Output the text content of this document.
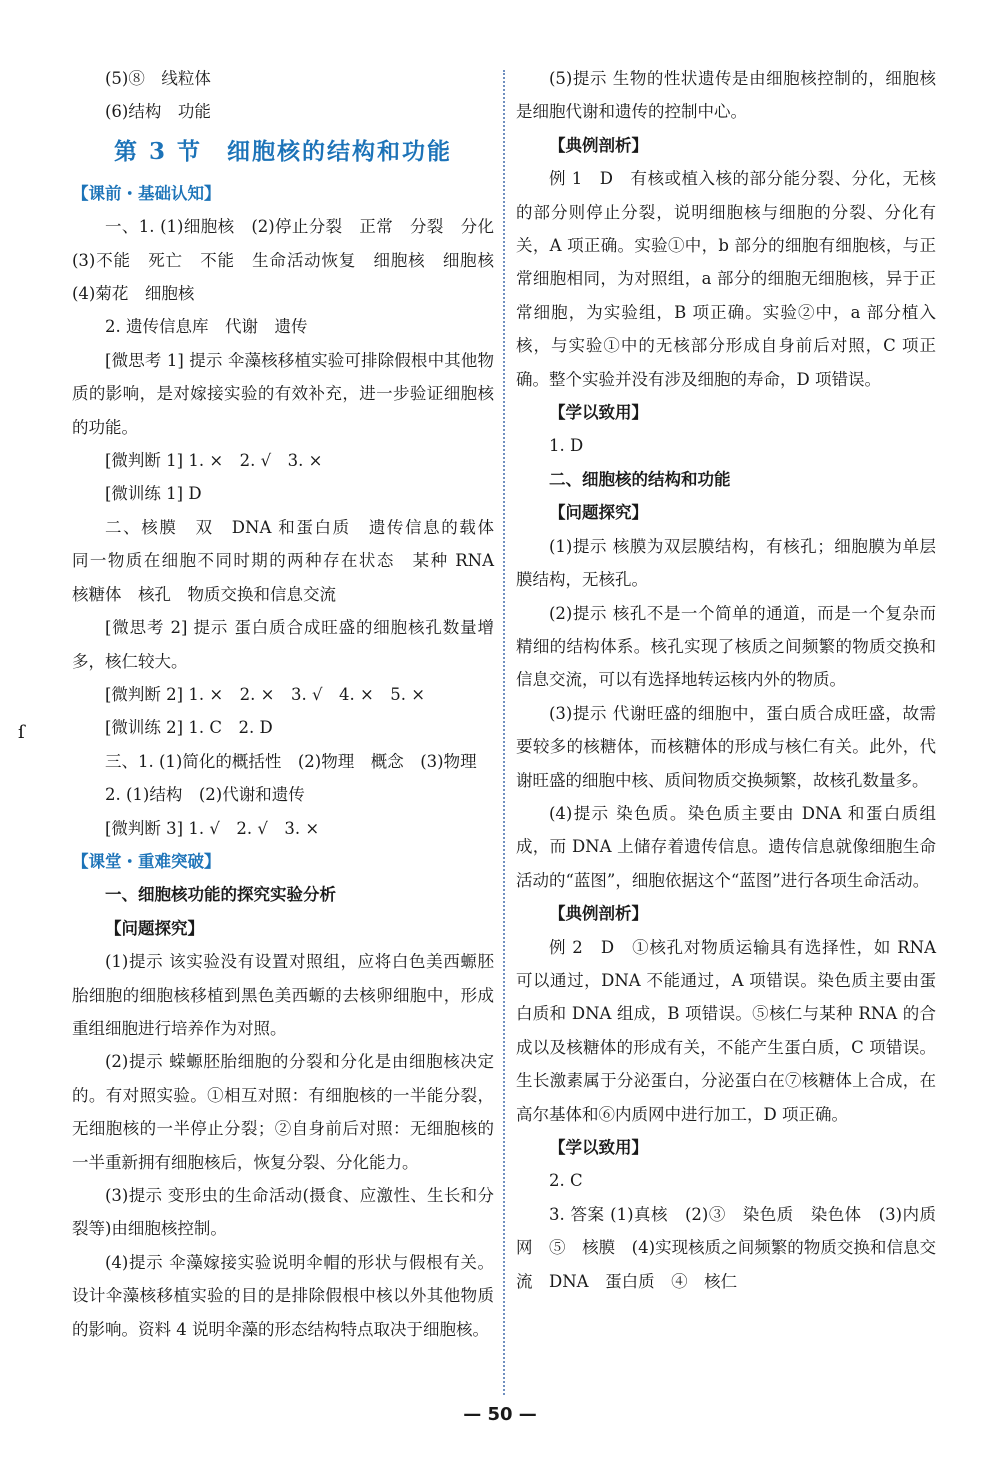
(5)⑧　线粒体

(6)结构　功能

第 3 节　细胞核的结构和功能

【课前・基础认知】

一、1. (1)细胞核　(2)停止分裂　正常　分裂　分化　(3)不能　死亡　不能　生命活动恢复　细胞核　细胞核　(4)菊花　细胞核

2. 遗传信息库　代谢　遗传

[微思考 1] 提示 伞藻核移植实验可排除假根中其他物质的影响，是对嫁接实验的有效补充，进一步验证细胞核的功能。

[微判断 1] 1. ×　2. √　3. ×

[微训练 1] D

二、核膜　双　DNA 和蛋白质　遗传信息的载体　同一物质在细胞不同时期的两种存在状态　某种 RNA　核糖体　核孔　物质交换和信息交流

[微思考 2] 提示 蛋白质合成旺盛的细胞核孔数量增多，核仁较大。

[微判断 2] 1. ×　2. ×　3. √　4. ×　5. ×

[微训练 2] 1. C　2. D

三、1. (1)简化的概括性　(2)物理　概念　(3)物理

2. (1)结构　(2)代谢和遗传

[微判断 3] 1. √　2. √　3. ×

【课堂・重难突破】

一、细胞核功能的探究实验分析

【问题探究】

(1)提示 该实验没有设置对照组，应将白色美西螈胚胎细胞的细胞核移植到黑色美西螈的去核卵细胞中，形成重组细胞进行培养作为对照。

(2)提示 蝾螈胚胎细胞的分裂和分化是由细胞核决定的。有对照实验。①相互对照：有细胞核的一半能分裂，无细胞核的一半停止分裂；②自身前后对照：无细胞核的一半重新拥有细胞核后，恢复分裂、分化能力。

(3)提示 变形虫的生命活动(摄食、应激性、生长和分裂等)由细胞核控制。

(4)提示 伞藻嫁接实验说明伞帽的形状与假根有关。设计伞藻核移植实验的目的是排除假根中核以外其他物质的影响。资料 4 说明伞藻的形态结构特点取决于细胞核。

(5)提示 生物的性状遗传是由细胞核控制的，细胞核是细胞代谢和遗传的控制中心。

【典例剖析】

例 1　D　有核或植入核的部分能分裂、分化，无核的部分则停止分裂，说明细胞核与细胞的分裂、分化有关，A 项正确。实验①中，b 部分的细胞有细胞核，与正常细胞相同，为对照组，a 部分的细胞无细胞核，异于正常细胞，为实验组，B 项正确。实验②中，a 部分植入核，与实验①中的无核部分形成自身前后对照，C 项正确。整个实验并没有涉及细胞的寿命，D 项错误。

【学以致用】

1. D

二、细胞核的结构和功能

【问题探究】

(1)提示 核膜为双层膜结构，有核孔；细胞膜为单层膜结构，无核孔。

(2)提示 核孔不是一个简单的通道，而是一个复杂而精细的结构体系。核孔实现了核质之间频繁的物质交换和信息交流，可以有选择地转运核内外的物质。

(3)提示 代谢旺盛的细胞中，蛋白质合成旺盛，故需要较多的核糖体，而核糖体的形成与核仁有关。此外，代谢旺盛的细胞中核、质间物质交换频繁，故核孔数量多。

(4)提示 染色质。染色质主要由 DNA 和蛋白质组成，而 DNA 上储存着遗传信息。遗传信息就像细胞生命活动的“蓝图”，细胞依据这个“蓝图”进行各项生命活动。

【典例剖析】

例 2　D　①核孔对物质运输具有选择性，如 RNA 可以通过，DNA 不能通过，A 项错误。染色质主要由蛋白质和 DNA 组成，B 项错误。⑤核仁与某种 RNA 的合成以及核糖体的形成有关，不能产生蛋白质，C 项错误。生长激素属于分泌蛋白，分泌蛋白在⑦核糖体上合成，在高尔基体和⑥内质网中进行加工，D 项正确。

【学以致用】

2. C

3. 答案 (1)真核　(2)③　染色质　染色体　(3)内质网　⑤　核膜　(4)实现核质之间频繁的物质交换和信息交流　DNA　蛋白质　④　核仁

ſ
— 50 —
